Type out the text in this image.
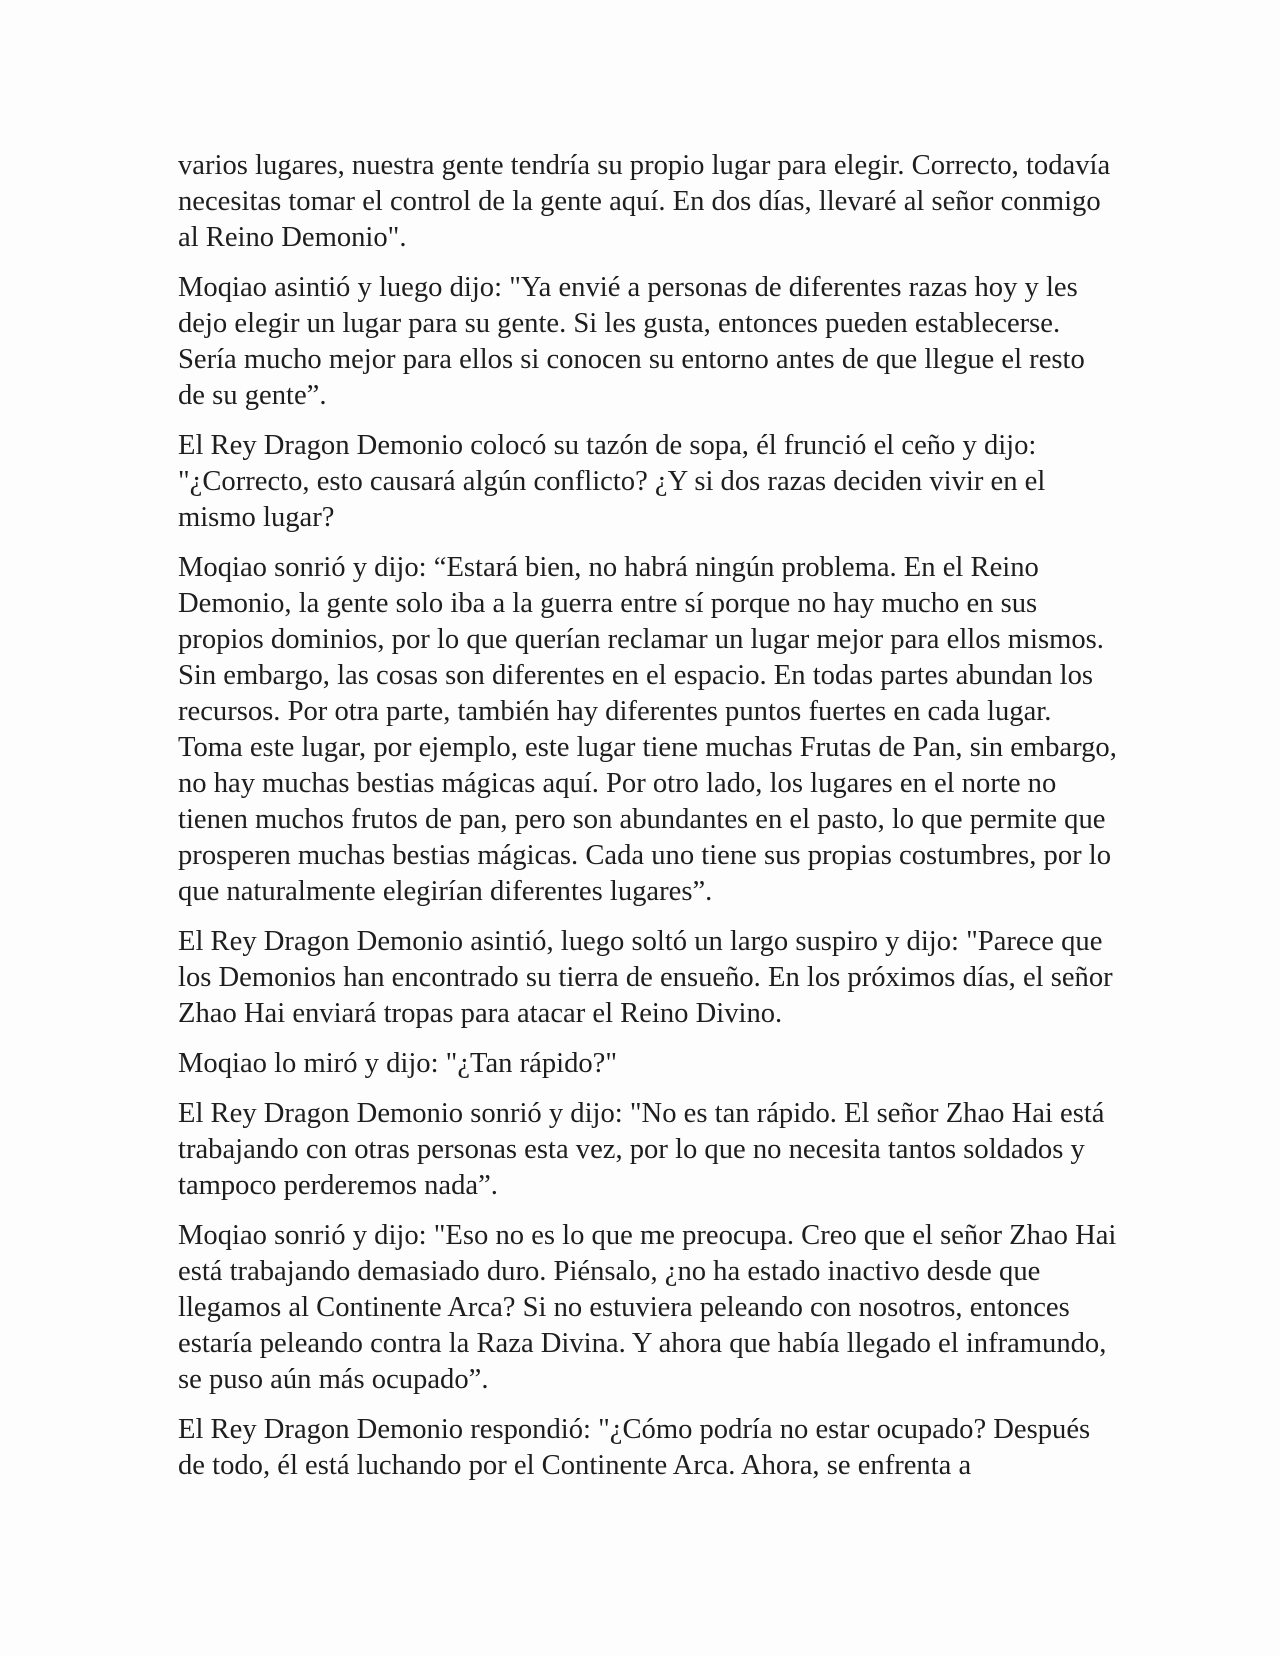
varios lugares, nuestra gente tendría su propio lugar para elegir. Correcto, todavía necesitas tomar el control de la gente aquí. En dos días, llevaré al señor conmigo al Reino Demonio".

Moqiao asintió y luego dijo: "Ya envié a personas de diferentes razas hoy y les dejo elegir un lugar para su gente. Si les gusta, entonces pueden establecerse. Sería mucho mejor para ellos si conocen su entorno antes de que llegue el resto de su gente”.

El Rey Dragon Demonio colocó su tazón de sopa, él frunció el ceño y dijo: "¿Correcto, esto causará algún conflicto? ¿Y si dos razas deciden vivir en el mismo lugar?

Moqiao sonrió y dijo: “Estará bien, no habrá ningún problema. En el Reino Demonio, la gente solo iba a la guerra entre sí porque no hay mucho en sus propios dominios, por lo que querían reclamar un lugar mejor para ellos mismos. Sin embargo, las cosas son diferentes en el espacio. En todas partes abundan los recursos. Por otra parte, también hay diferentes puntos fuertes en cada lugar. Toma este lugar, por ejemplo, este lugar tiene muchas Frutas de Pan, sin embargo, no hay muchas bestias mágicas aquí. Por otro lado, los lugares en el norte no tienen muchos frutos de pan, pero son abundantes en el pasto, lo que permite que prosperen muchas bestias mágicas. Cada uno tiene sus propias costumbres, por lo que naturalmente elegirían diferentes lugares”.

El Rey Dragon Demonio asintió, luego soltó un largo suspiro y dijo: "Parece que los Demonios han encontrado su tierra de ensueño. En los próximos días, el señor Zhao Hai enviará tropas para atacar el Reino Divino.

Moqiao lo miró y dijo: "¿Tan rápido?"

El Rey Dragon Demonio sonrió y dijo: "No es tan rápido. El señor Zhao Hai está trabajando con otras personas esta vez, por lo que no necesita tantos soldados y tampoco perderemos nada”.

Moqiao sonrió y dijo: "Eso no es lo que me preocupa. Creo que el señor Zhao Hai está trabajando demasiado duro. Piénsalo, ¿no ha estado inactivo desde que llegamos al Continente Arca? Si no estuviera peleando con nosotros, entonces estaría peleando contra la Raza Divina. Y ahora que había llegado el inframundo, se puso aún más ocupado”.

El Rey Dragon Demonio respondió: "¿Cómo podría no estar ocupado? Después de todo, él está luchando por el Continente Arca. Ahora, se enfrenta a
